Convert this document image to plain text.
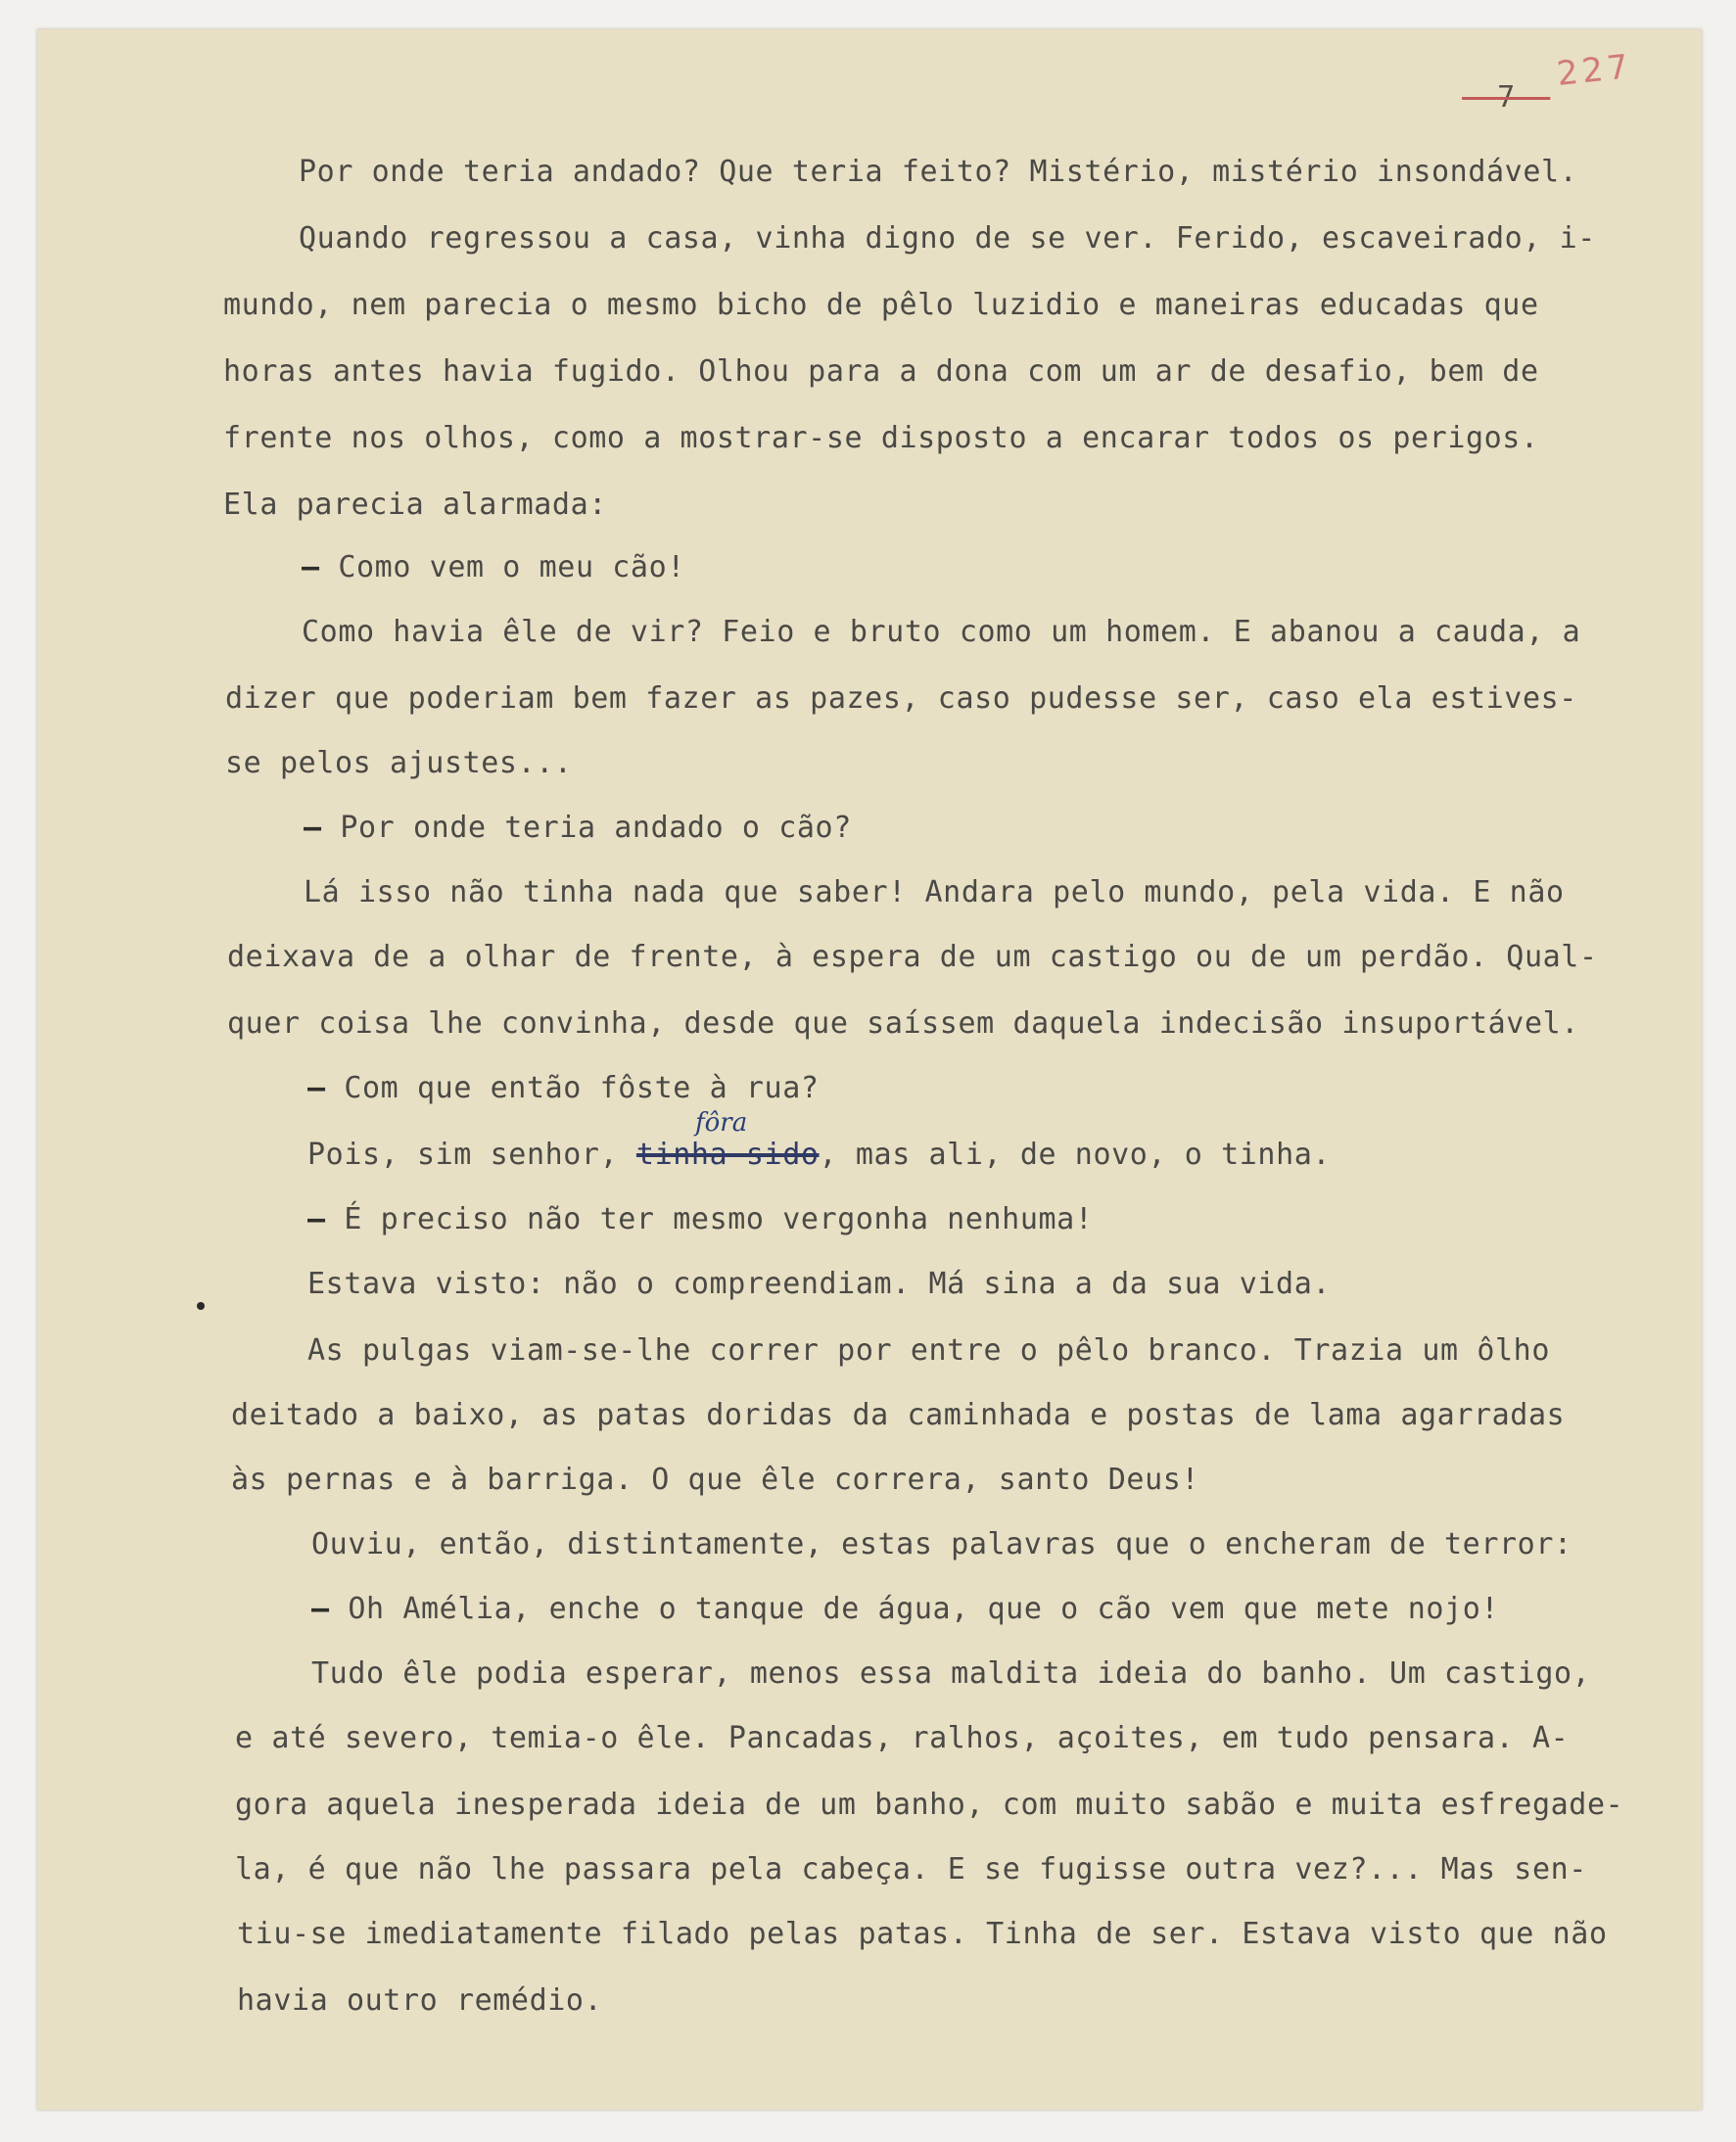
- 7 -
227
Por onde teria andado? Que teria feito? Mistério, mistério insondável.
Quando regressou a casa, vinha digno de se ver. Ferido, escaveirado, i-
mundo, nem parecia o mesmo bicho de pêlo luzidio e maneiras educadas que
horas antes havia fugido. Olhou para a dona com um ar de desafio, bem de
frente nos olhos, como a mostrar-se disposto a encarar todos os perigos.
Ela parecia alarmada:
— Como vem o meu cão!
Como havia êle de vir? Feio e bruto como um homem. E abanou a cauda, a
dizer que poderiam bem fazer as pazes, caso pudesse ser, caso ela estives-
se pelos ajustes...
— Por onde teria andado o cão?
Lá isso não tinha nada que saber! Andara pelo mundo, pela vida. E não
deixava de a olhar de frente, à espera de um castigo ou de um perdão. Qual-
quer coisa lhe convinha, desde que saíssem daquela indecisão insuportável.
— Com que então fôste à rua?
fôra
Pois, sim senhor, tinha sido, mas ali, de novo, o tinha.
— É preciso não ter mesmo vergonha nenhuma!
Estava visto: não o compreendiam. Má sina a da sua vida.
As pulgas viam-se-lhe correr por entre o pêlo branco. Trazia um ôlho
deitado a baixo, as patas doridas da caminhada e postas de lama agarradas
às pernas e à barriga. O que êle correra, santo Deus!
Ouviu, então, distintamente, estas palavras que o encheram de terror:
— Oh Amélia, enche o tanque de água, que o cão vem que mete nojo!
Tudo êle podia esperar, menos essa maldita ideia do banho. Um castigo,
e até severo, temia-o êle. Pancadas, ralhos, açoites, em tudo pensara. A-
gora aquela inesperada ideia de um banho, com muito sabão e muita esfregade-
la, é que não lhe passara pela cabeça. E se fugisse outra vez?... Mas sen-
tiu-se imediatamente filado pelas patas. Tinha de ser. Estava visto que não
havia outro remédio.
